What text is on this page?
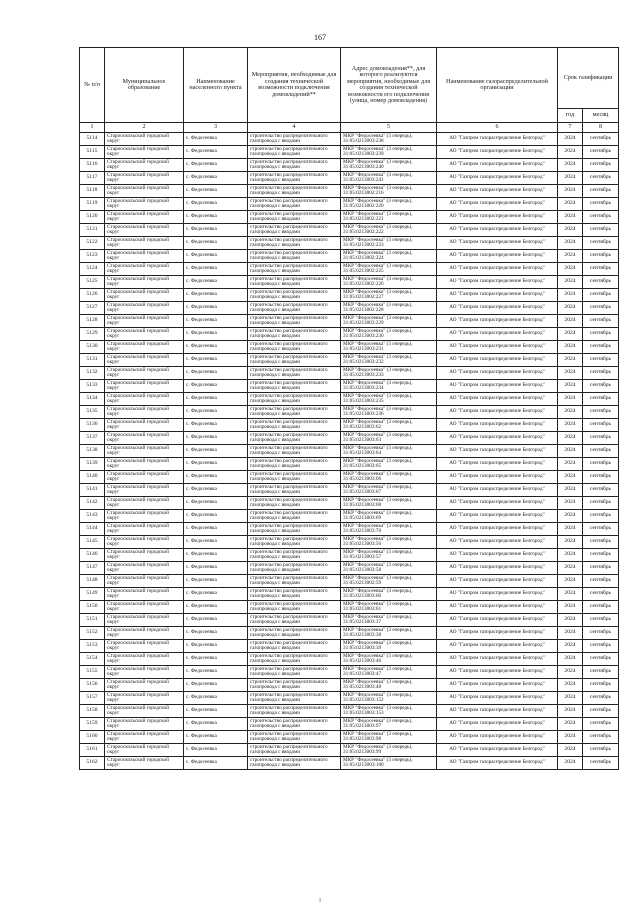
167
№ п/п	Муниципальное образование	Наименование населенного пункта	Мероприятия, необходимые для создания технической возможности подключения домовладений**	Адрес домовладения**, для которого реализуются мероприятия, необходимые для создания технической возможности его подключения (улица, номер домовладения)	Наименование газораспределительной организации	Срок газификации	
						год	месяц
1	2	3	4	5	6	7	8
5114	Старооскольский городской округ	с. Федосеевка	строительство распределительного газопровода с вводами	МКР "Федосеевка" (3 очередь), 31:05:0213003:238	АО "Газпром газораспределение Белгород"	2024	сентябрь
5115	Старооскольский городской округ	с. Федосеевка	строительство распределительного газопровода с вводами	МКР "Федосеевка" (3 очередь), 31:05:0213003:239	АО "Газпром газораспределение Белгород"	2024	сентябрь
5116	Старооскольский городской округ	с. Федосеевка	строительство распределительного газопровода с вводами	МКР "Федосеевка" (3 очередь), 31:05:0213003:240	АО "Газпром газораспределение Белгород"	2024	сентябрь
5117	Старооскольский городской округ	с. Федосеевка	строительство распределительного газопровода с вводами	МКР "Федосеевка" (3 очередь), 31:05:0213003:241	АО "Газпром газораспределение Белгород"	2024	сентябрь
5118	Старооскольский городской округ	с. Федосеевка	строительство распределительного газопровода с вводами	МКР "Федосеевка" (3 очередь), 31:05:0213002:216	АО "Газпром газораспределение Белгород"	2024	сентябрь
5119	Старооскольский городской округ	с. Федосеевка	строительство распределительного газопровода с вводами	МКР "Федосеевка" (3 очередь), 31:05:0213002:220	АО "Газпром газораспределение Белгород"	2024	сентябрь
5120	Старооскольский городской округ	с. Федосеевка	строительство распределительного газопровода с вводами	МКР "Федосеевка" (3 очередь), 31:05:0213002:221	АО "Газпром газораспределение Белгород"	2024	сентябрь
5121	Старооскольский городской округ	с. Федосеевка	строительство распределительного газопровода с вводами	МКР "Федосеевка" (3 очередь), 31:05:0213002:222	АО "Газпром газораспределение Белгород"	2024	сентябрь
5122	Старооскольский городской округ	с. Федосеевка	строительство распределительного газопровода с вводами	МКР "Федосеевка" (3 очередь), 31:05:0213002:223	АО "Газпром газораспределение Белгород"	2024	сентябрь
5123	Старооскольский городской округ	с. Федосеевка	строительство распределительного газопровода с вводами	МКР "Федосеевка" (3 очередь), 31:05:0213002:224	АО "Газпром газораспределение Белгород"	2024	сентябрь
5124	Старооскольский городской округ	с. Федосеевка	строительство распределительного газопровода с вводами	МКР "Федосеевка" (3 очередь), 31:05:0213002:225	АО "Газпром газораспределение Белгород"	2024	сентябрь
5125	Старооскольский городской округ	с. Федосеевка	строительство распределительного газопровода с вводами	МКР "Федосеевка" (3 очередь), 31:05:0213002:226	АО "Газпром газораспределение Белгород"	2024	сентябрь
5126	Старооскольский городской округ	с. Федосеевка	строительство распределительного газопровода с вводами	МКР "Федосеевка" (3 очередь), 31:05:0213002:227	АО "Газпром газораспределение Белгород"	2024	сентябрь
5127	Старооскольский городской округ	с. Федосеевка	строительство распределительного газопровода с вводами	МКР "Федосеевка" (3 очередь), 31:05:0213002:228	АО "Газпром газораспределение Белгород"	2024	сентябрь
5128	Старооскольский городской округ	с. Федосеевка	строительство распределительного газопровода с вводами	МКР "Федосеевка" (3 очередь), 31:05:0213003:229	АО "Газпром газораспределение Белгород"	2024	сентябрь
5129	Старооскольский городской округ	с. Федосеевка	строительство распределительного газопровода с вводами	МКР "Федосеевка" (3 очередь), 31:05:0213003:230	АО "Газпром газораспределение Белгород"	2024	сентябрь
5130	Старооскольский городской округ	с. Федосеевка	строительство распределительного газопровода с вводами	МКР "Федосеевка" (3 очередь), 31:05:0213003:231	АО "Газпром газораспределение Белгород"	2024	сентябрь
5131	Старооскольский городской округ	с. Федосеевка	строительство распределительного газопровода с вводами	МКР "Федосеевка" (3 очередь), 31:05:0213003:232	АО "Газпром газораспределение Белгород"	2024	сентябрь
5132	Старооскольский городской округ	с. Федосеевка	строительство распределительного газопровода с вводами	МКР "Федосеевка" (3 очередь), 31:05:0213003:233	АО "Газпром газораспределение Белгород"	2024	сентябрь
5133	Старооскольский городской округ	с. Федосеевка	строительство распределительного газопровода с вводами	МКР "Федосеевка" (3 очередь), 31:05:0213003:234	АО "Газпром газораспределение Белгород"	2024	сентябрь
5134	Старооскольский городской округ	с. Федосеевка	строительство распределительного газопровода с вводами	МКР "Федосеевка" (3 очередь), 31:05:0213003:235	АО "Газпром газораспределение Белгород"	2024	сентябрь
5135	Старооскольский городской округ	с. Федосеевка	строительство распределительного газопровода с вводами	МКР "Федосеевка" (3 очередь), 31:05:0213003:236	АО "Газпром газораспределение Белгород"	2024	сентябрь
5136	Старооскольский городской округ	с. Федосеевка	строительство распределительного газопровода с вводами	МКР "Федосеевка" (3 очередь), 31:05:0213003:62	АО "Газпром газораспределение Белгород"	2024	сентябрь
5137	Старооскольский городской округ	с. Федосеевка	строительство распределительного газопровода с вводами	МКР "Федосеевка" (3 очередь), 31:05:0213003:63	АО "Газпром газораспределение Белгород"	2024	сентябрь
5138	Старооскольский городской округ	с. Федосеевка	строительство распределительного газопровода с вводами	МКР "Федосеевка" (3 очередь), 31:05:0213003:64	АО "Газпром газораспределение Белгород"	2024	сентябрь
5139	Старооскольский городской округ	с. Федосеевка	строительство распределительного газопровода с вводами	МКР "Федосеевка" (3 очередь), 31:05:0213003:65	АО "Газпром газораспределение Белгород"	2024	сентябрь
5140	Старооскольский городской округ	с. Федосеевка	строительство распределительного газопровода с вводами	МКР "Федосеевка" (3 очередь), 31:05:0213003:66	АО "Газпром газораспределение Белгород"	2024	сентябрь
5141	Старооскольский городской округ	с. Федосеевка	строительство распределительного газопровода с вводами	МКР "Федосеевка" (3 очередь), 31:05:0213003:67	АО "Газпром газораспределение Белгород"	2024	сентябрь
5142	Старооскольский городской округ	с. Федосеевка	строительство распределительного газопровода с вводами	МКР "Федосеевка" (3 очередь), 31:05:0213003:68	АО "Газпром газораспределение Белгород"	2024	сентябрь
5143	Старооскольский городской округ	с. Федосеевка	строительство распределительного газопровода с вводами	МКР "Федосеевка" (3 очередь), 31:05:0213003:69	АО "Газпром газораспределение Белгород"	2024	сентябрь
5144	Старооскольский городской округ	с. Федосеевка	строительство распределительного газопровода с вводами	МКР "Федосеевка" (3 очередь), 31:05:0213003:70	АО "Газпром газораспределение Белгород"	2024	сентябрь
5145	Старооскольский городской округ	с. Федосеевка	строительство распределительного газопровода с вводами	МКР "Федосеевка" (3 очередь), 31:05:0213003:56	АО "Газпром газораспределение Белгород"	2024	сентябрь
5146	Старооскольский городской округ	с. Федосеевка	строительство распределительного газопровода с вводами	МКР "Федосеевка" (3 очередь), 31:05:0213003:57	АО "Газпром газораспределение Белгород"	2024	сентябрь
5147	Старооскольский городской округ	с. Федосеевка	строительство распределительного газопровода с вводами	МКР "Федосеевка" (3 очередь), 31:05:0213003:58	АО "Газпром газораспределение Белгород"	2024	сентябрь
5148	Старооскольский городской округ	с. Федосеевка	строительство распределительного газопровода с вводами	МКР "Федосеевка" (3 очередь), 31:05:0213002:59	АО "Газпром газораспределение Белгород"	2024	сентябрь
5149	Старооскольский городской округ	с. Федосеевка	строительство распределительного газопровода с вводами	МКР "Федосеевка" (3 очередь), 31:05:0213003:60	АО "Газпром газораспределение Белгород"	2024	сентябрь
5150	Старооскольский городской округ	с. Федосеевка	строительство распределительного газопровода с вводами	МКР "Федосеевка" (3 очередь), 31:05:0213003:61	АО "Газпром газораспределение Белгород"	2024	сентябрь
5151	Старооскольский городской округ	с. Федосеевка	строительство распределительного газопровода с вводами	МКР "Федосеевка" (3 очередь), 31:05:0213003:37	АО "Газпром газораспределение Белгород"	2024	сентябрь
5152	Старооскольский городской округ	с. Федосеевка	строительство распределительного газопровода с вводами	МКР "Федосеевка" (3 очередь), 31:05:0213003:38	АО "Газпром газораспределение Белгород"	2024	сентябрь
5153	Старооскольский городской округ	с. Федосеевка	строительство распределительного газопровода с вводами	МКР "Федосеевка" (3 очередь), 31:05:0213003:39	АО "Газпром газораспределение Белгород"	2024	сентябрь
5154	Старооскольский городской округ	с. Федосеевка	строительство распределительного газопровода с вводами	МКР "Федосеевка" (3 очередь), 31:05:0213003:46	АО "Газпром газораспределение Белгород"	2024	сентябрь
5155	Старооскольский городской округ	с. Федосеевка	строительство распределительного газопровода с вводами	МКР "Федосеевка" (3 очередь), 31:05:0213003:47	АО "Газпром газораспределение Белгород"	2024	сентябрь
5156	Старооскольский городской округ	с. Федосеевка	строительство распределительного газопровода с вводами	МКР "Федосеевка" (3 очередь), 31:05:0213003:48	АО "Газпром газораспределение Белгород"	2024	сентябрь
5157	Старооскольский городской округ	с. Федосеевка	строительство распределительного газопровода с вводами	МКР "Федосеевка" (3 очередь), 31:05:0213003:152	АО "Газпром газораспределение Белгород"	2024	сентябрь
5158	Старооскольский городской округ	с. Федосеевка	строительство распределительного газопровода с вводами	МКР "Федосеевка" (3 очередь), 31:05:0213003:153	АО "Газпром газораспределение Белгород"	2024	сентябрь
5159	Старооскольский городской округ	с. Федосеевка	строительство распределительного газопровода с вводами	МКР "Федосеевка" (3 очередь), 31:05:0213003:97	АО "Газпром газораспределение Белгород"	2024	сентябрь
5160	Старооскольский городской округ	с. Федосеевка	строительство распределительного газопровода с вводами	МКР "Федосеевка" (3 очередь), 31:05:0213003:98	АО "Газпром газораспределение Белгород"	2024	сентябрь
5161	Старооскольский городской округ	с. Федосеевка	строительство распределительного газопровода с вводами	МКР "Федосеевка" (3 очередь), 31:05:0213003:99	АО "Газпром газораспределение Белгород"	2024	сентябрь
5162	Старооскольский городской округ	с. Федосеевка	строительство распределительного газопровода с вводами	МКР "Федосеевка" (3 очередь), 31:05:0213003:100	АО "Газпром газораспределение Белгород"	2024	сентябрь
1
